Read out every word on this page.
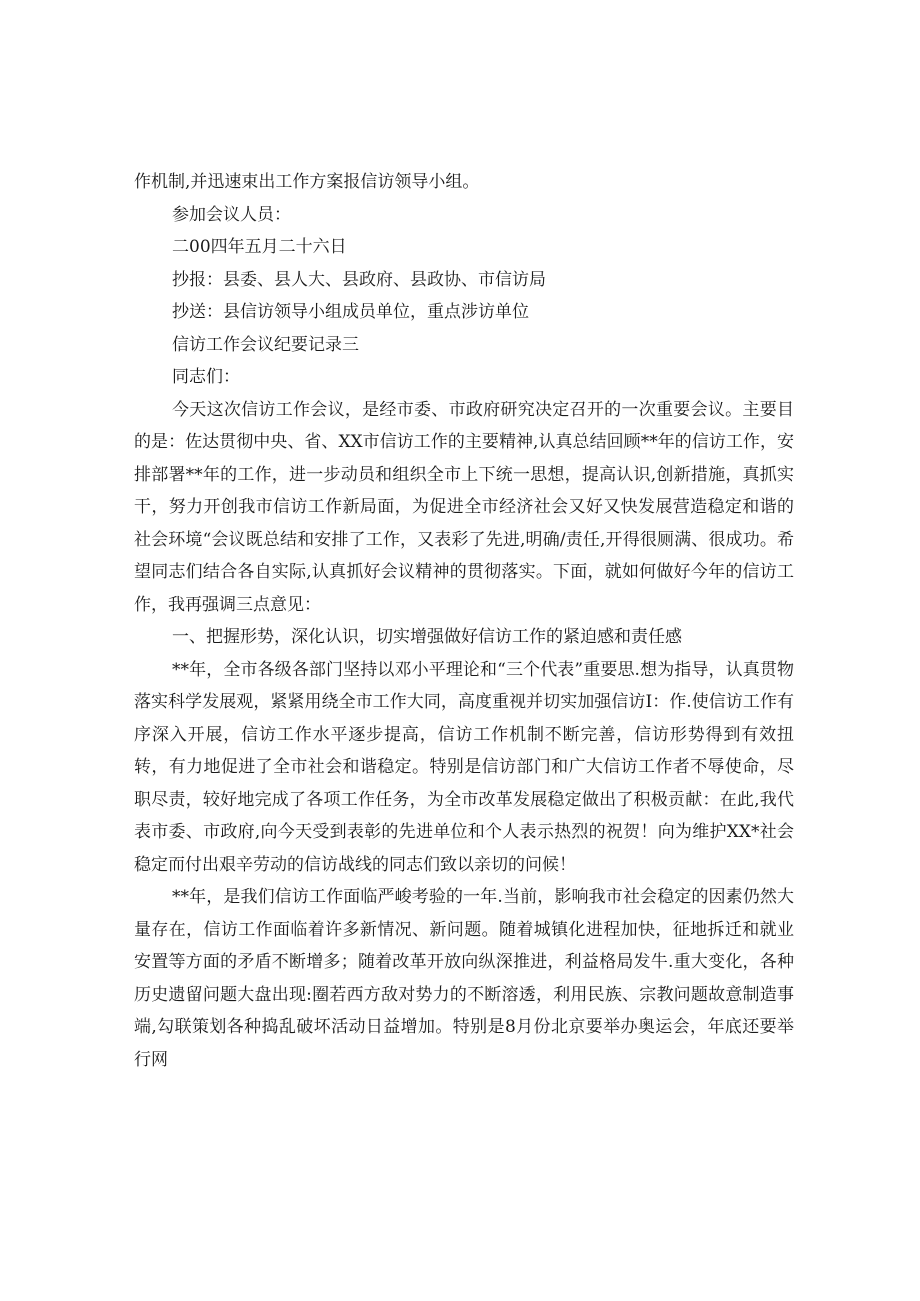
作机制,并迅速束出工作方案报信访领导小组。

参加会议人员：

二00四年五月二十六日

抄报：县委、县人大、县政府、县政协、市信访局

抄送：县信访领导小组成员单位，重点涉访单位

信访工作会议纪要记录三

同志们：

今天这次信访工作会议，是经市委、市政府研究决定召开的一次重要会议。主要目的是：佐达贯彻中央、省、XX市信访工作的主要精神,认真总结回顾**年的信访工作，安排部署**年的工作，进一步动员和组织全市上下统一思想，提高认识,创新措施，真抓实干，努力开创我市信访工作新局面，为促进全市经济社会又好又快发展营造稳定和谐的社会环境“会议既总结和安排了工作，又表彩了先进,明确/责任,开得很厕满、很成功。希望同志们结合各自实际,认真抓好会议精神的贯彻落实。下面，就如何做好今年的信访工作，我再强调三点意见：

一、把握形势，深化认识，切实增强做好信访工作的紧迫感和责任感

**年，全市各级各部门坚持以邓小平理论和“三个代表”重要思.想为指导，认真贯物落实科学发展观，紧紧用绕全市工作大同，高度重视并切实加强信访I：作.使信访工作有序深入开展，信访工作水平逐步提高，信访工作机制不断完善，信访形势得到有效扭转，有力地促进了全市社会和谐稳定。特别是信访部门和广大信访工作者不辱使命，尽职尽责，较好地完成了各项工作任务，为全市改革发展稳定做出了积极贡献：在此,我代表市委、市政府,向今天受到表彰的先进单位和个人表示热烈的祝贺！向为维护XX*社会稳定而付出艰辛劳动的信访战线的同志们致以亲切的问候！

**年，是我们信访工作面临严峻考验的一年.当前，影响我市社会稳定的因素仍然大量存在，信访工作面临着许多新情况、新问题。随着城镇化进程加快，征地拆迁和就业安置等方面的矛盾不断增多；随着改革开放向纵深推进，利益格局发牛.重大变化，各种历史遗留问题大盘出现:圈若西方敌对势力的不断溶透，利用民族、宗教问题故意制造事端,勾联策划各种捣乱破坏活动日益增加。特别是8月份北京要举办奥运会，年底还要举行网
